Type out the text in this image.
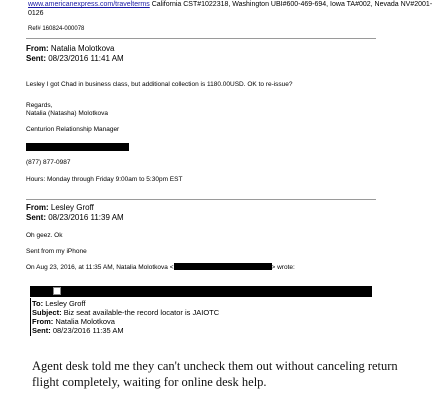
www.americanexpress.com/travelterms California CST#1022318, Washington UBI#600-469-694, Iowa TA#002, Nevada NV#2001-
0126
Ref# 160824-000078
From: Natalia Molotkova
Sent: 08/23/2016 11:41 AM
Lesley I got Chad in business class, but additional collection is 1180.00USD. OK to re-issue?
Regards,
Natalia (Natasha) Molotkova
Centurion Relationship Manager
(877) 877-0987
Hours: Monday through Friday 9:00am to 5:30pm EST
From: Lesley Groff
Sent: 08/23/2016 11:39 AM
Oh geez. Ok
Sent from my iPhone
On Aug 23, 2016, at 11:35 AM, Natalia Molotkova <	> wrote:
To: Lesley Groff
Subject: Biz seat available-the record locator is JAIOTC
From: Natalia Molotkova
Sent: 08/23/2016 11:35 AM
Agent desk told me they can't uncheck them out without canceling return flight completely, waiting for online desk help.
